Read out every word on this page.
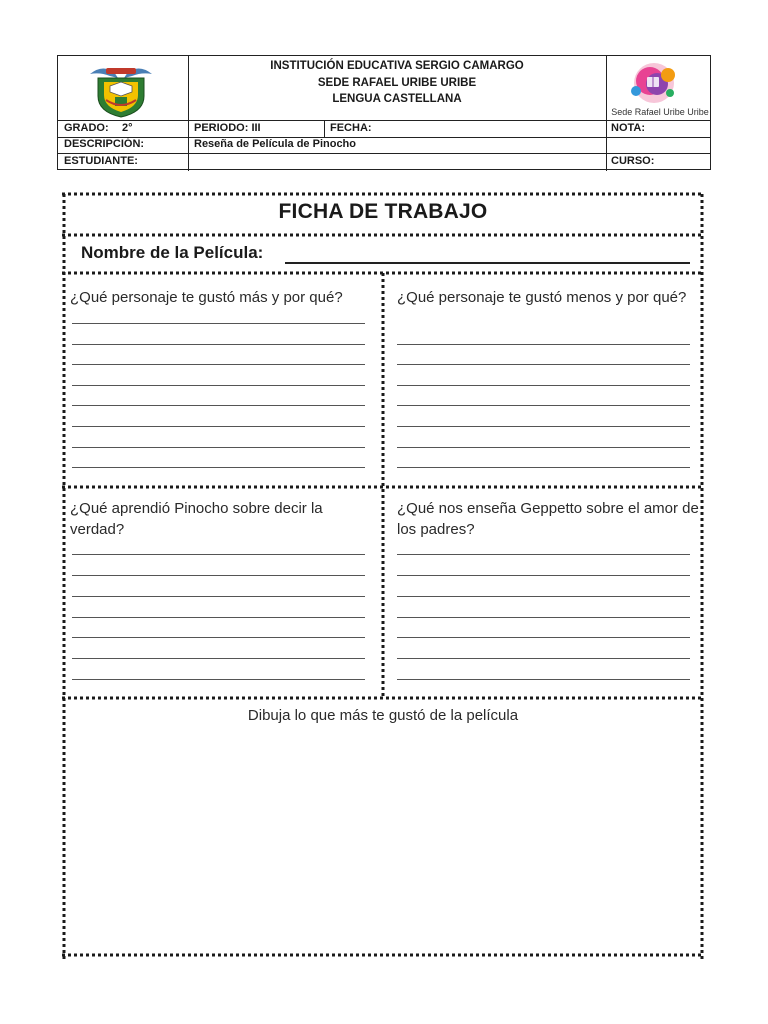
INSTITUCIÓN EDUCATIVA SERGIO CAMARGO
SEDE RAFAEL URIBE URIBE
LENGUA CASTELLANA
Sede Rafael Uribe Uribe
GRADO: 2°	PERIODO: III	FECHA:	NOTA:
DESCRIPCIÓN:	Reseña de Película de Pinocho
ESTUDIANTE:	CURSO:
FICHA DE TRABAJO
Nombre de la Película:
¿Qué personaje te gustó más y por qué?	¿Qué personaje te gustó menos y por qué?
¿Qué aprendió Pinocho sobre decir la verdad?
¿Qué nos enseña Geppetto sobre el amor de los padres?
Dibuja lo que más te gustó de la película
